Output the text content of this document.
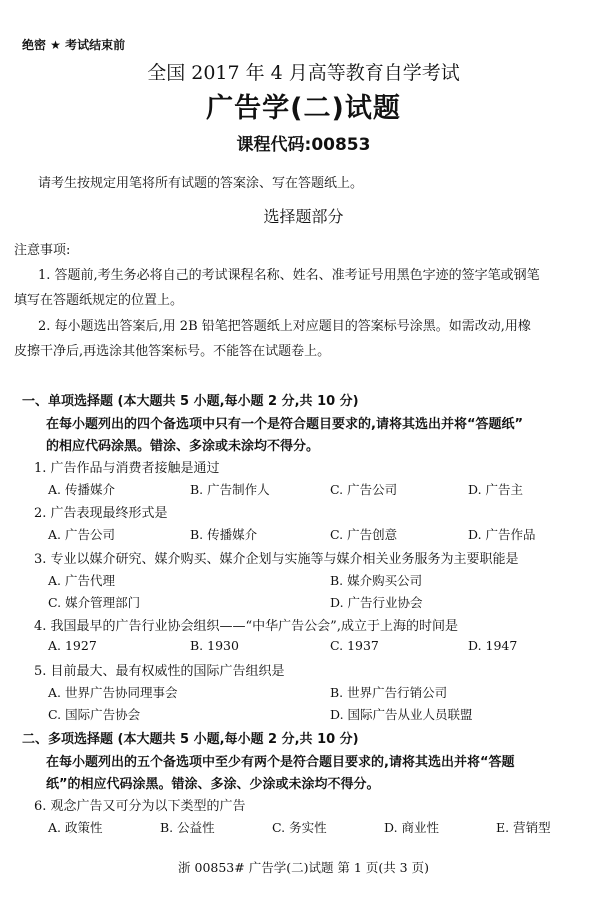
绝密 ★ 考试结束前
全国 2017 年 4 月高等教育自学考试
广告学(二)试题
课程代码:00853
请考生按规定用笔将所有试题的答案涂、写在答题纸上。
选择题部分
注意事项:
1. 答题前,考生务必将自己的考试课程名称、姓名、准考证号用黑色字迹的签字笔或钢笔
填写在答题纸规定的位置上。
2. 每小题选出答案后,用 2B 铅笔把答题纸上对应题目的答案标号涂黑。如需改动,用橡
皮擦干净后,再选涂其他答案标号。不能答在试题卷上。
一、单项选择题 (本大题共 5 小题,每小题 2 分,共 10 分)
在每小题列出的四个备选项中只有一个是符合题目要求的,请将其选出并将“答题纸”
的相应代码涂黑。错涂、多涂或未涂均不得分。
1. 广告作品与消费者接触是通过
A. 传播媒介	B. 广告制作人	C. 广告公司	D. 广告主
2. 广告表现最终形式是
A. 广告公司	B. 传播媒介	C. 广告创意	D. 广告作品
3. 专业以媒介研究、媒介购买、媒介企划与实施等与媒介相关业务服务为主要职能是
A. 广告代理	B. 媒介购买公司
C. 媒介管理部门	D. 广告行业协会
4. 我国最早的广告行业协会组织——“中华广告公会”,成立于上海的时间是
A. 1927	B. 1930	C. 1937	D. 1947
5. 目前最大、最有权威性的国际广告组织是
A. 世界广告协同理事会	B. 世界广告行销公司
C. 国际广告协会	D. 国际广告从业人员联盟
二、多项选择题 (本大题共 5 小题,每小题 2 分,共 10 分)
在每小题列出的五个备选项中至少有两个是符合题目要求的,请将其选出并将“答题
纸”的相应代码涂黑。错涂、多涂、少涂或未涂均不得分。
6. 观念广告又可分为以下类型的广告
A. 政策性	B. 公益性	C. 务实性	D. 商业性	E. 营销型
浙 00853# 广告学(二)试题 第 1 页(共 3 页)
